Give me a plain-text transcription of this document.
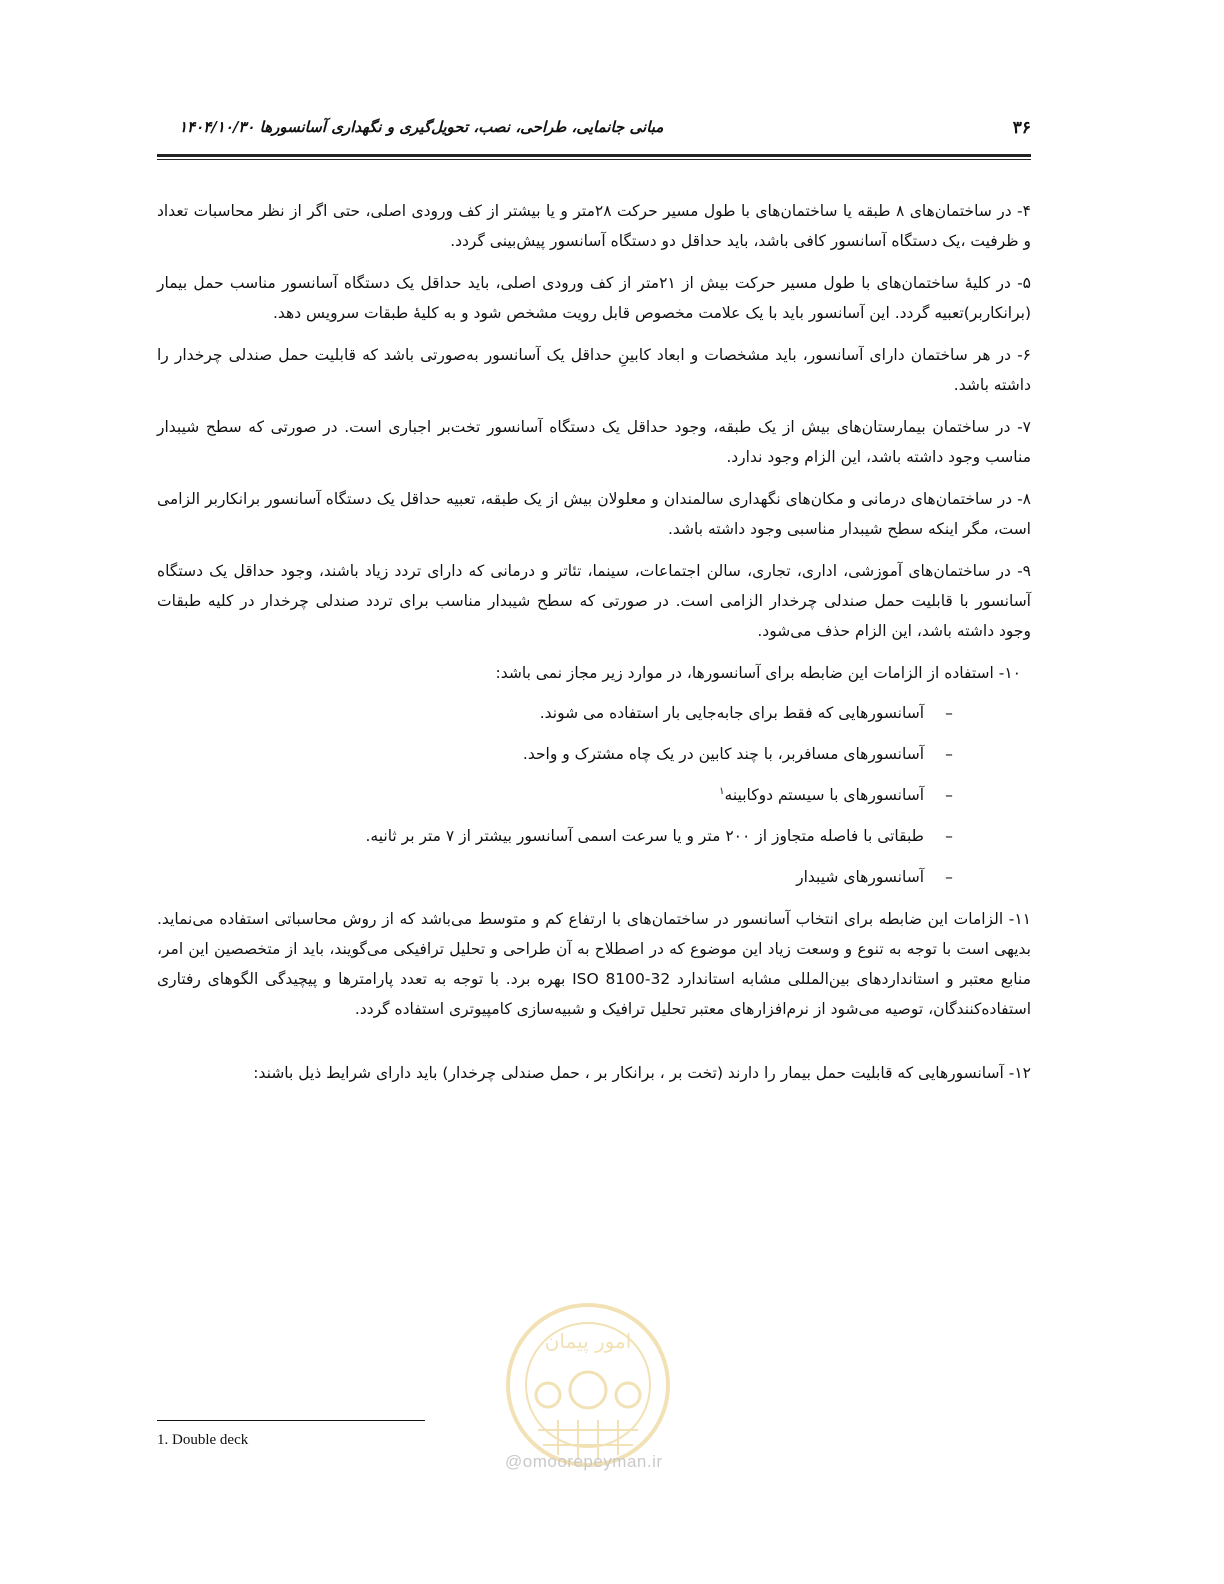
۳۶
مبانی جانمایی، طراحی، نصب، تحویل‌گیری و نگهداری آسانسورها ۱۴۰۴/۱۰/۳۰

۴- در ساختمان‌های ۸ طبقه یا ساختمان‌های با طول مسیر حرکت ۲۸متر و یا بیشتر از کف ورودی اصلی، حتی اگر از نظر محاسبات تعداد و ظرفیت ،یک دستگاه آسانسور کافی باشد، باید حداقل دو دستگاه آسانسور پیش‌بینی گردد.

۵- در کلیهٔ ساختمان‌های با طول مسیر حرکت بیش از ۲۱متر از کف ورودی اصلی، باید حداقل یک دستگاه آسانسور مناسب حمل بیمار (برانکاربر)تعبیه گردد. این آسانسور باید با یک علامت مخصوص قابل رویت مشخص شود و به کلیهٔ طبقات سرویس دهد.

۶- در هر ساختمان دارای آسانسور، باید مشخصات و ابعاد کابینِ حداقل یک آسانسور به‌صورتی باشد که قابلیت حمل صندلی چرخدار را داشته باشد.

۷- در ساختمان بیمارستان‌های بیش از یک طبقه، وجود حداقل یک دستگاه آسانسور تخت‌بر اجباری است. در صورتی که سطح شیبدار مناسب وجود داشته باشد، این الزام وجود ندارد.

۸- در ساختمان‌های درمانی و مکان‌های نگهداری سالمندان و معلولان بیش از یک طبقه، تعبیه حداقل یک دستگاه آسانسور برانکاربر الزامی است، مگر اینکه سطح شیبدار مناسبی وجود داشته باشد.

۹- در ساختمان‌های آموزشی، اداری، تجاری، سالن اجتماعات، سینما، تئاتر و درمانی که دارای تردد زیاد باشند، وجود حداقل یک دستگاه آسانسور با قابلیت حمل صندلی چرخدار الزامی است. در صورتی که سطح شیبدار مناسب برای تردد صندلی چرخدار در کلیه طبقات وجود داشته باشد، این الزام حذف می‌شود.

۱۰- استفاده از الزامات این ضابطه برای آسانسورها، در موارد زیر مجاز نمی باشد:

–
آسانسورهایی که فقط برای جابه‌جایی بار استفاده می شوند.
–
آسانسورهای مسافربر، با چند کابین در یک چاه مشترک و واحد.
–
آسانسورهای با سیستم دوکابینه$^۱$
–
طبقاتی با فاصله متجاوز از ۲۰۰ متر و یا سرعت اسمی آسانسور بیشتر از ۷ متر بر ثانیه.
–
آسانسورهای شیبدار

۱۱- الزامات این ضابطه برای انتخاب آسانسور در ساختمان‌های با ارتفاع کم و متوسط می‌باشد که از روش محاسباتی استفاده می‌نماید. بدیهی است با توجه به تنوع و وسعت زیاد این موضوع که در اصطلاح به آن طراحی و تحلیل ترافیکی می‌گویند، باید از متخصصین این امر، منابع معتبر و استانداردهای بین‌المللی مشابه استاندارد ISO 8100-32 بهره برد. با توجه به تعدد پارامترها و پیچیدگی الگوهای رفتاری استفاده‌کنندگان، توصیه می‌شود از نرم‌افزارهای معتبر تحلیل ترافیک و شبیه‌سازی کامپیوتری استفاده گردد.

۱۲- آسانسورهایی که قابلیت حمل بیمار را دارند (تخت بر ، برانکار بر ، حمل صندلی چرخدار) باید دارای شرایط ذیل باشند:

امور پیمان
@omoorepeyman.ir
1. Double deck
